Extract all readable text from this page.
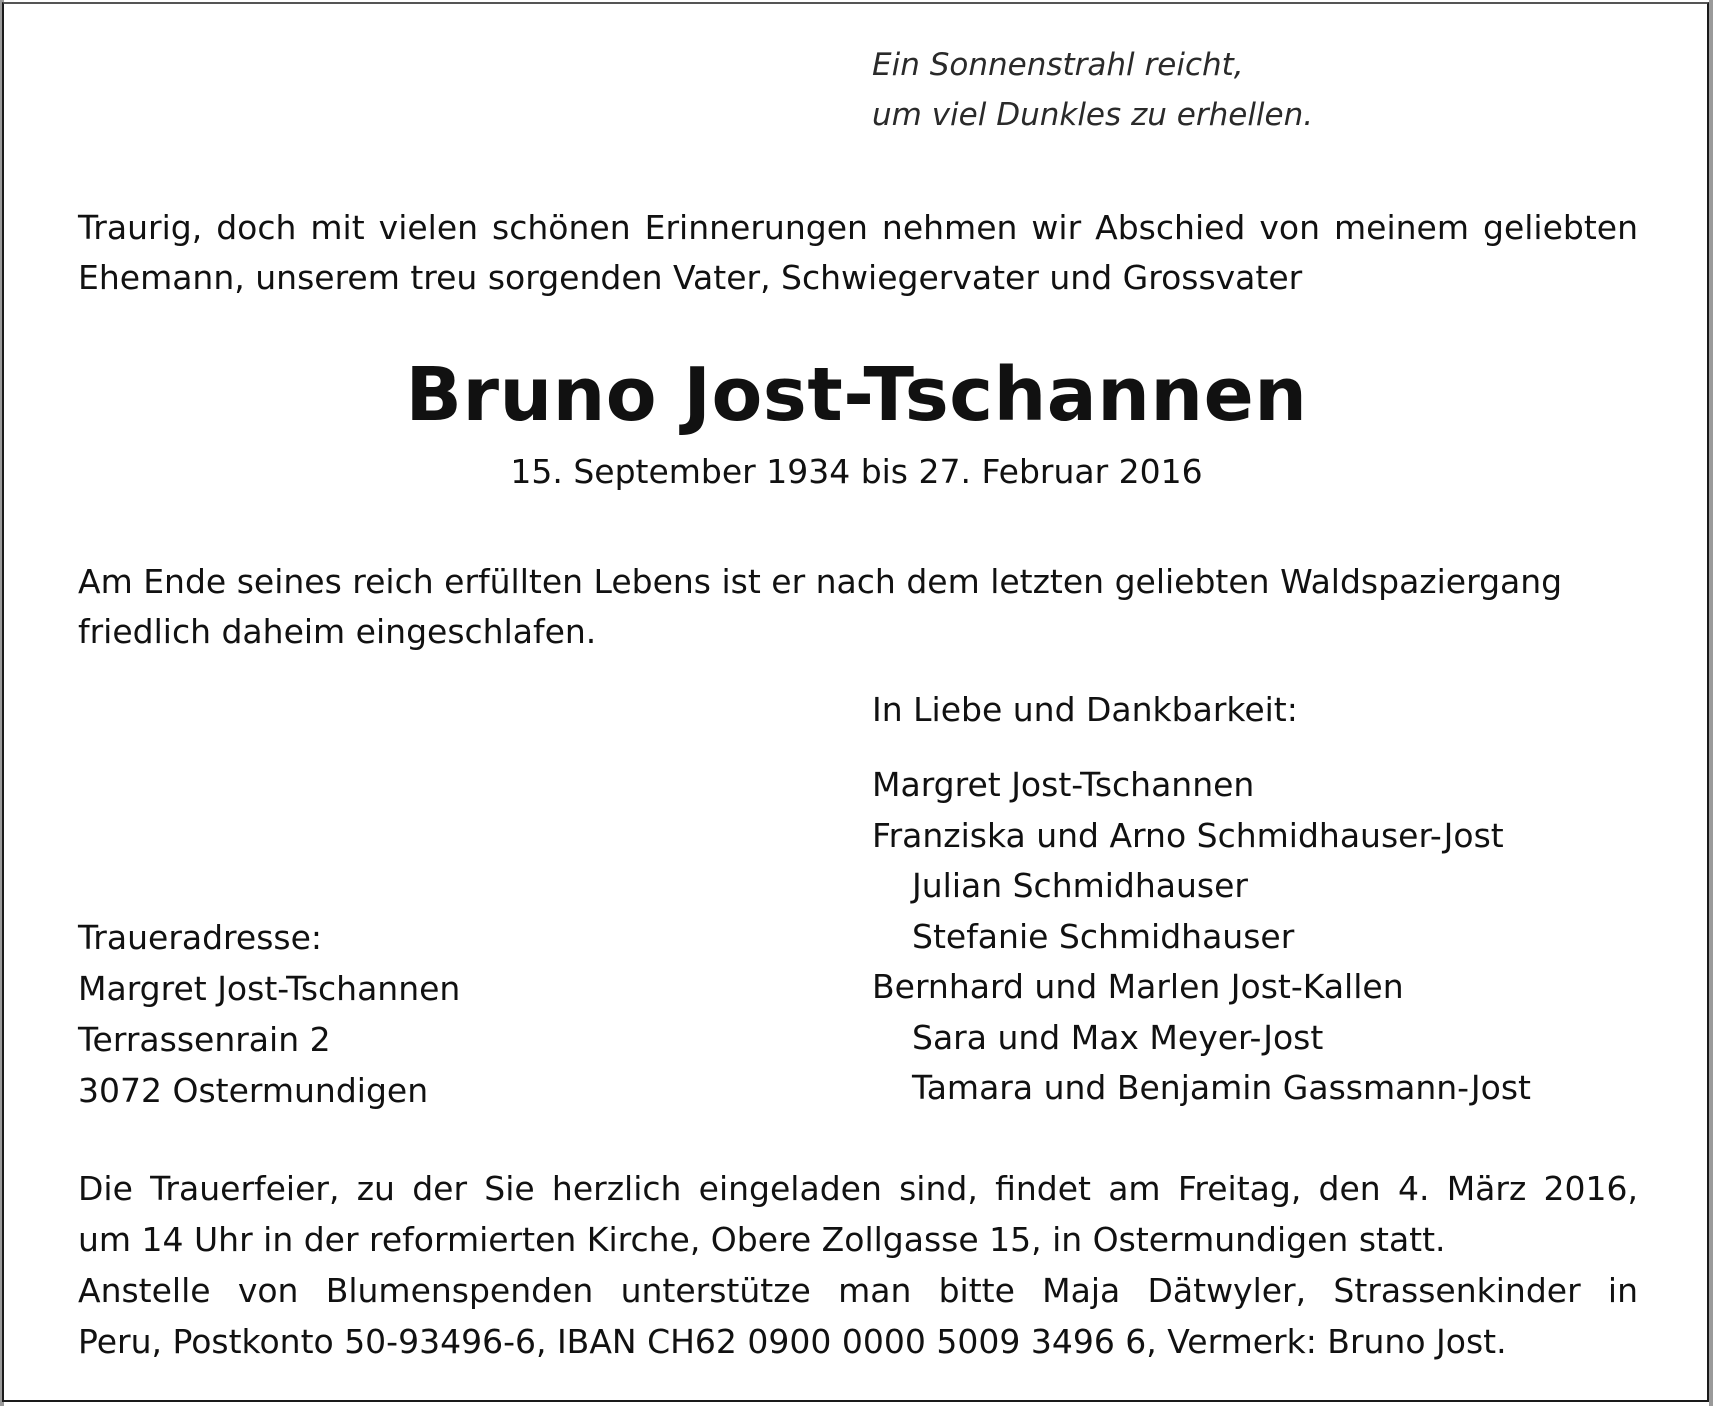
Ein Sonnenstrahl reicht,
um viel Dunkles zu erhellen.
Traurig, doch mit vielen schönen Erinnerungen nehmen wir Abschied von meinem geliebten Ehemann, unserem treu sorgenden Vater, Schwiegervater und Grossvater
Bruno Jost-Tschannen
15. September 1934 bis 27. Februar 2016
Am Ende seines reich erfüllten Lebens ist er nach dem letzten geliebten Waldspaziergang friedlich daheim eingeschlafen.
In Liebe und Dankbarkeit:
Margret Jost-Tschannen
Franziska und Arno Schmidhauser-Jost
Julian Schmidhauser
Stefanie Schmidhauser
Bernhard und Marlen Jost-Kallen
Sara und Max Meyer-Jost
Tamara und Benjamin Gassmann-Jost
Traueradresse:
Margret Jost-Tschannen
Terrassenrain 2
3072 Ostermundigen
Die Trauerfeier, zu der Sie herzlich eingeladen sind, findet am Freitag, den 4. März 2016,
um 14 Uhr in der reformierten Kirche, Obere Zollgasse 15, in Ostermundigen statt.
Anstelle von Blumenspenden unterstütze man bitte Maja Dätwyler, Strassenkinder in
Peru, Postkonto 50-93496-6, IBAN CH62 0900 0000 5009 3496 6, Vermerk: Bruno Jost.
